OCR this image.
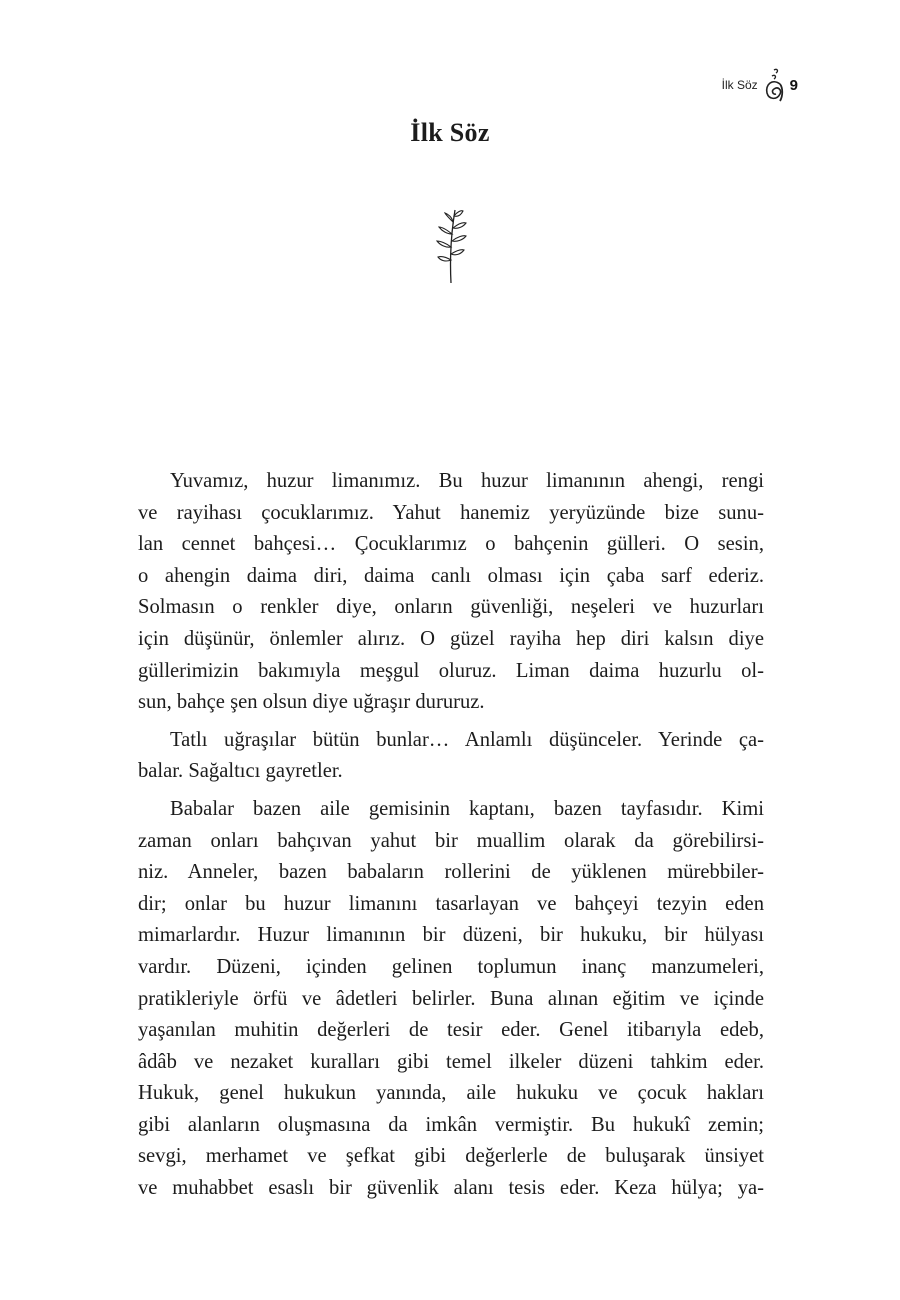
İlk Söz 9
İlk Söz

Yuvamız, huzur limanımız. Bu huzur limanının ahengi, rengi
ve rayihası çocuklarımız. Yahut hanemiz yeryüzünde bize sunu-
lan cennet bahçesi… Çocuklarımız o bahçenin gülleri. O sesin,
o ahengin daima diri, daima canlı olması için çaba sarf ederiz.
Solmasın o renkler diye, onların güvenliği, neşeleri ve huzurları
için düşünür, önlemler alırız. O güzel rayiha hep diri kalsın diye
güllerimizin bakımıyla meşgul oluruz. Liman daima huzurlu ol-
sun, bahçe şen olsun diye uğraşır dururuz.

Tatlı uğraşılar bütün bunlar… Anlamlı düşünceler. Yerinde ça-
balar. Sağaltıcı gayretler.

Babalar bazen aile gemisinin kaptanı, bazen tayfasıdır. Kimi
zaman onları bahçıvan yahut bir muallim olarak da görebilirsi-
niz. Anneler, bazen babaların rollerini de yüklenen mürebbiler-
dir; onlar bu huzur limanını tasarlayan ve bahçeyi tezyin eden
mimarlardır. Huzur limanının bir düzeni, bir hukuku, bir hülyası
vardır. Düzeni, içinden gelinen toplumun inanç manzumeleri,
pratikleriyle örfü ve âdetleri belirler. Buna alınan eğitim ve içinde
yaşanılan muhitin değerleri de tesir eder. Genel itibarıyla edeb,
âdâb ve nezaket kuralları gibi temel ilkeler düzeni tahkim eder.
Hukuk, genel hukukun yanında, aile hukuku ve çocuk hakları
gibi alanların oluşmasına da imkân vermiştir. Bu hukukî zemin;
sevgi, merhamet ve şefkat gibi değerlerle de buluşarak ünsiyet
ve muhabbet esaslı bir güvenlik alanı tesis eder. Keza hülya; ya-
